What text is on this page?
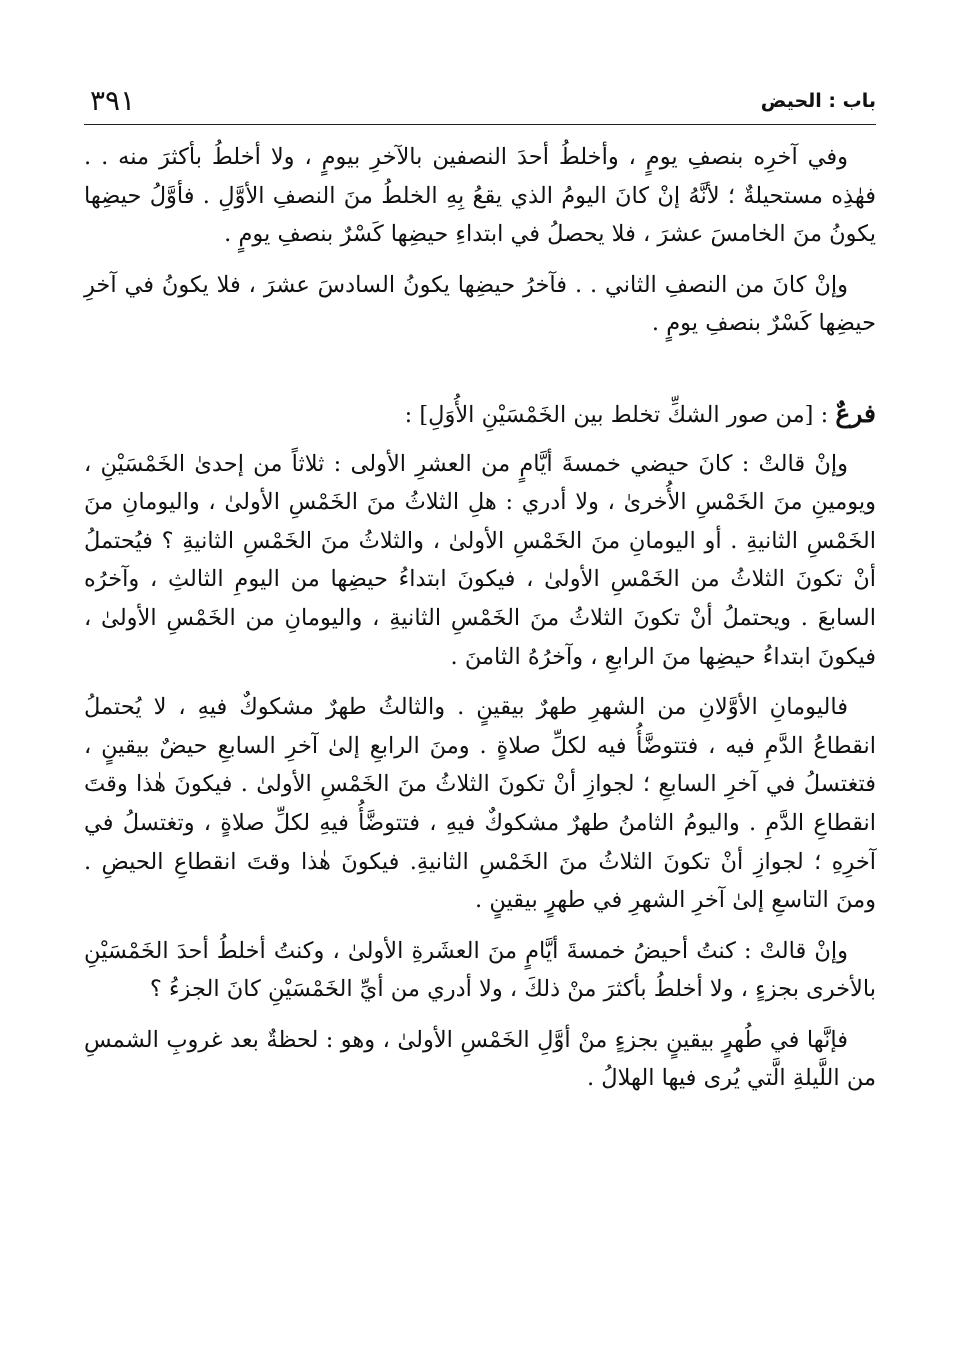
باب : الحيض
٣٩١

وفي آخرِه بنصفِ يومٍ ، وأخلطُ أحدَ النصفين بالآخرِ بيومٍ ، ولا أخلطُ بأكثرَ منه . . فهٰذِه مستحيلةٌ ؛ لأنَّهُ إنْ كانَ اليومُ الذي يقعُ بِهِ الخلطُ منَ النصفِ الأوَّلِ . فأوَّلُ حيضِها يكونُ منَ الخامسَ عشرَ ، فلا يحصلُ في ابتداءِ حيضِها كَسْرٌ بنصفِ يومٍ .

وإنْ كانَ من النصفِ الثاني . . فآخرُ حيضِها يكونُ السادسَ عشرَ ، فلا يكونُ في آخرِ حيضِها كَسْرٌ بنصفِ يومٍ .

فرعٌ : [من صور الشكِّ تخلط بين الخَمْسَيْنِ الأُوَلِ] :

وإنْ قالتْ : كانَ حيضي خمسةَ أيَّامٍ من العشرِ الأولى : ثلاثاً من إحدىٰ الخَمْسَيْنِ ، ويومينِ منَ الخَمْسِ الأُخرىٰ ، ولا أدري : هلِ الثلاثُ منَ الخَمْسِ الأولىٰ ، واليومانِ منَ الخَمْسِ الثانيةِ . أو اليومانِ منَ الخَمْسِ الأولىٰ ، والثلاثُ منَ الخَمْسِ الثانيةِ ؟ فيُحتملُ أنْ تكونَ الثلاثُ من الخَمْسِ الأولىٰ ، فيكونَ ابتداءُ حيضِها من اليومِ الثالثِ ، وآخرُه السابعَ . ويحتملُ أنْ تكونَ الثلاثُ منَ الخَمْسِ الثانيةِ ، واليومانِ من الخَمْسِ الأولىٰ ، فيكونَ ابتداءُ حيضِها منَ الرابعِ ، وآخرُهُ الثامنَ .

فاليومانِ الأوَّلانِ من الشهرِ طهرٌ بيقينٍ . والثالثُ طهرٌ مشكوكٌ فيهِ ، لا يُحتملُ انقطاعُ الدَّمِ فيه ، فتتوضَّأُ فيه لكلِّ صلاةٍ . ومنَ الرابعِ إلىٰ آخرِ السابعِ حيضٌ بيقينٍ ، فتغتسلُ في آخرِ السابعِ ؛ لجوازِ أنْ تكونَ الثلاثُ منَ الخَمْسِ الأولىٰ . فيكونَ هٰذا وقتَ انقطاعِ الدَّمِ . واليومُ الثامنُ طهرٌ مشكوكٌ فيهِ ، فتتوضَّأُ فيهِ لكلِّ صلاةٍ ، وتغتسلُ في آخرِهِ ؛ لجوازِ أنْ تكونَ الثلاثُ منَ الخَمْسِ الثانيةِ. فيكونَ هٰذا وقتَ انقطاعِ الحيضِ . ومنَ التاسعِ إلىٰ آخرِ الشهرِ في طهرٍ بيقينٍ .

وإنْ قالتْ : كنتُ أحيضُ خمسةَ أيَّامٍ منَ العشَرةِ الأولىٰ ، وكنتُ أخلطُ أحدَ الخَمْسَيْنِ بالأخرى بجزءٍ ، ولا أخلطُ بأكثرَ منْ ذلكَ ، ولا أدري من أيِّ الخَمْسَيْنِ كانَ الجزءُ ؟

فإنَّها في طُهرٍ بيقينٍ بجزءٍ منْ أوَّلِ الخَمْسِ الأولىٰ ، وهو : لحظةٌ بعد غروبِ الشمسِ من اللَّيلةِ الَّتي يُرى فيها الهلالُ .
